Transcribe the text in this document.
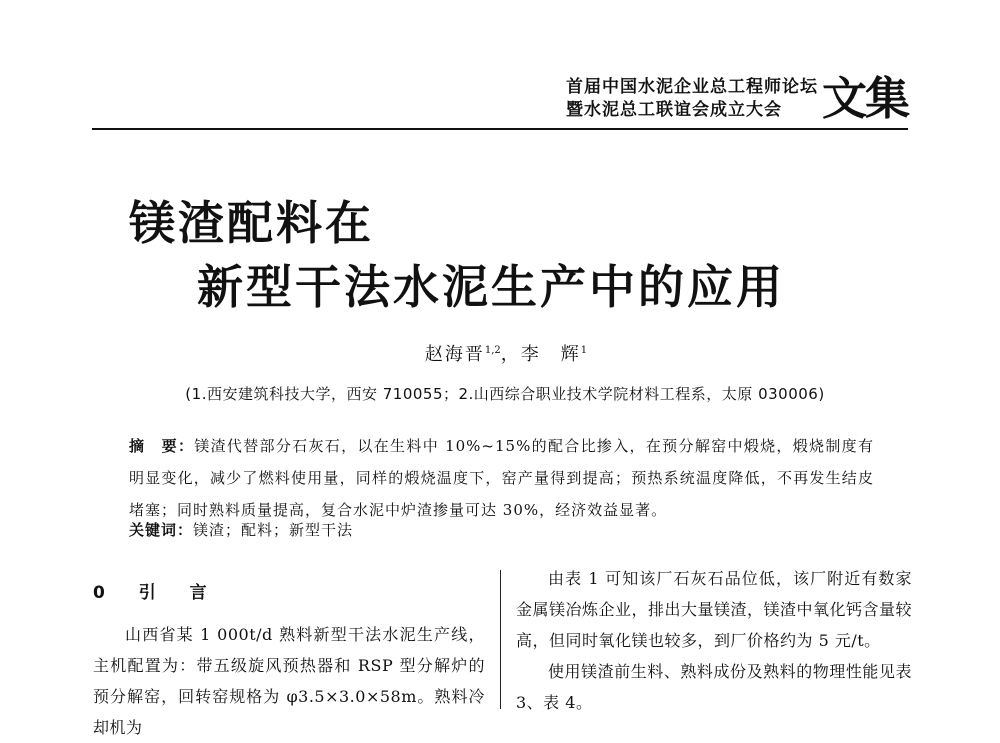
首届中国水泥企业总工程师论坛
暨水泥总工联谊会成立大会 文集
镁渣配料在
新型干法水泥生产中的应用
赵海晋$^{1,2}$，李　辉$^1$
(1.西安建筑科技大学，西安 710055；2.山西综合职业技术学院材料工程系，太原 030006)
摘　要：镁渣代替部分石灰石，以在生料中 10%~15%的配合比掺入，在预分解窑中煅烧，煅烧制度有明显变化，减少了燃料使用量，同样的煅烧温度下，窑产量得到提高；预热系统温度降低，不再发生结皮堵塞；同时熟料质量提高，复合水泥中炉渣掺量可达 30%，经济效益显著。
关键词：镁渣；配料；新型干法
0 引 言

山西省某 1 000t/d 熟料新型干法水泥生产线，主机配置为：带五级旋风预热器和 RSP 型分解炉的预分解窑，回转窑规格为 φ3.5×3.0×58m。熟料冷却机为

由表 1 可知该厂石灰石品位低，该厂附近有数家金属镁冶炼企业，排出大量镁渣，镁渣中氧化钙含量较高，但同时氧化镁也较多，到厂价格约为 5 元/t。

使用镁渣前生料、熟料成份及熟料的物理性能见表 3、表 4。
